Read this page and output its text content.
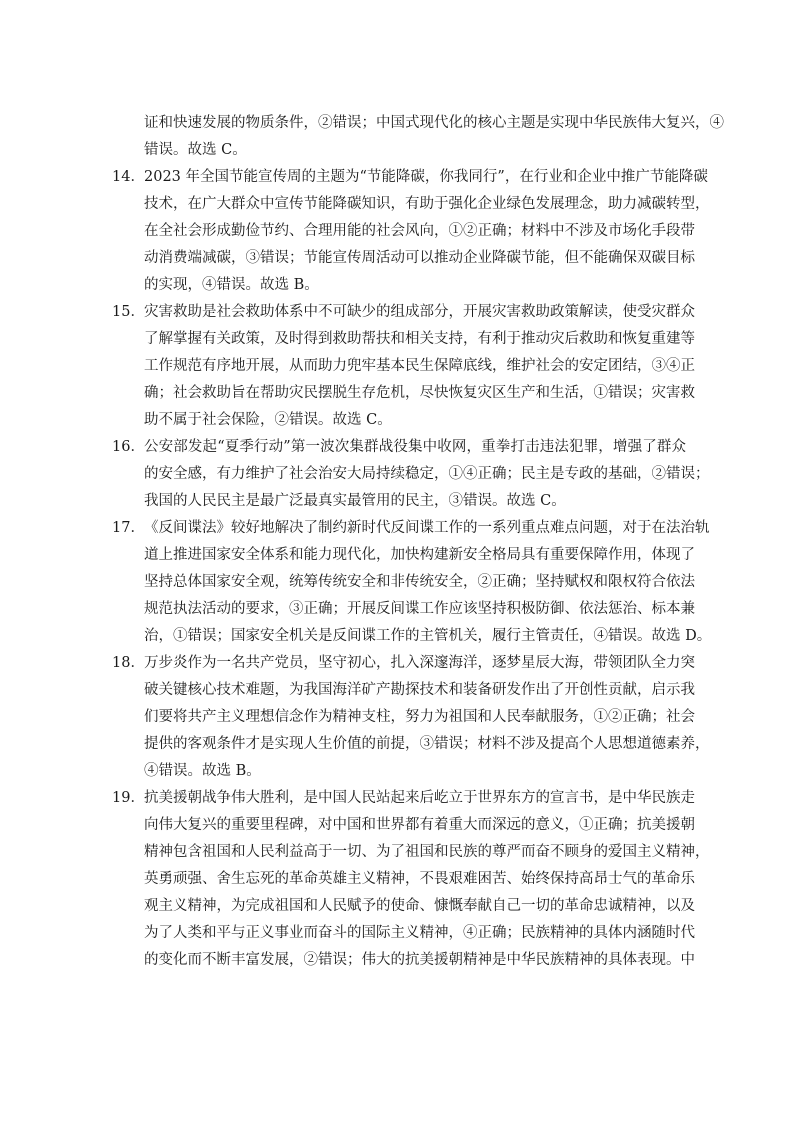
证和快速发展的物质条件，②错误；中国式现代化的核心主题是实现中华民族伟大复兴，④
错误。故选 C。
14． 2023 年全国节能宣传周的主题为“节能降碳，你我同行”，在行业和企业中推广节能降碳
技术，在广大群众中宣传节能降碳知识，有助于强化企业绿色发展理念，助力减碳转型，
在全社会形成勤俭节约、合理用能的社会风向，①②正确；材料中不涉及市场化手段带
动消费端减碳，③错误；节能宣传周活动可以推动企业降碳节能，但不能确保双碳目标
的实现，④错误。故选 B。
15． 灾害救助是社会救助体系中不可缺少的组成部分，开展灾害救助政策解读，使受灾群众
了解掌握有关政策，及时得到救助帮扶和相关支持，有利于推动灾后救助和恢复重建等
工作规范有序地开展，从而助力兜牢基本民生保障底线，维护社会的安定团结，③④正
确；社会救助旨在帮助灾民摆脱生存危机，尽快恢复灾区生产和生活，①错误；灾害救
助不属于社会保险，②错误。故选 C。
16． 公安部发起“夏季行动”第一波次集群战役集中收网，重拳打击违法犯罪，增强了群众
的安全感，有力维护了社会治安大局持续稳定，①④正确；民主是专政的基础，②错误；
我国的人民民主是最广泛最真实最管用的民主，③错误。故选 C。
17． 《反间谍法》较好地解决了制约新时代反间谍工作的一系列重点难点问题，对于在法治轨
道上推进国家安全体系和能力现代化，加快构建新安全格局具有重要保障作用，体现了
坚持总体国家安全观，统筹传统安全和非传统安全，②正确；坚持赋权和限权符合依法
规范执法活动的要求，③正确；开展反间谍工作应该坚持积极防御、依法惩治、标本兼
治，①错误；国家安全机关是反间谍工作的主管机关，履行主管责任，④错误。故选 D。
18． 万步炎作为一名共产党员，坚守初心，扎入深邃海洋，逐梦星辰大海，带领团队全力突
破关键核心技术难题，为我国海洋矿产勘探技术和装备研发作出了开创性贡献，启示我
们要将共产主义理想信念作为精神支柱，努力为祖国和人民奉献服务，①②正确；社会
提供的客观条件才是实现人生价值的前提，③错误；材料不涉及提高个人思想道德素养，
④错误。故选 B。
19． 抗美援朝战争伟大胜利，是中国人民站起来后屹立于世界东方的宣言书，是中华民族走
向伟大复兴的重要里程碑，对中国和世界都有着重大而深远的意义，①正确；抗美援朝
精神包含祖国和人民利益高于一切、为了祖国和民族的尊严而奋不顾身的爱国主义精神，
英勇顽强、舍生忘死的革命英雄主义精神，不畏艰难困苦、始终保持高昂士气的革命乐
观主义精神，为完成祖国和人民赋予的使命、慷慨奉献自己一切的革命忠诚精神，以及
为了人类和平与正义事业而奋斗的国际主义精神，④正确；民族精神的具体内涵随时代
的变化而不断丰富发展，②错误；伟大的抗美援朝精神是中华民族精神的具体表现。中
